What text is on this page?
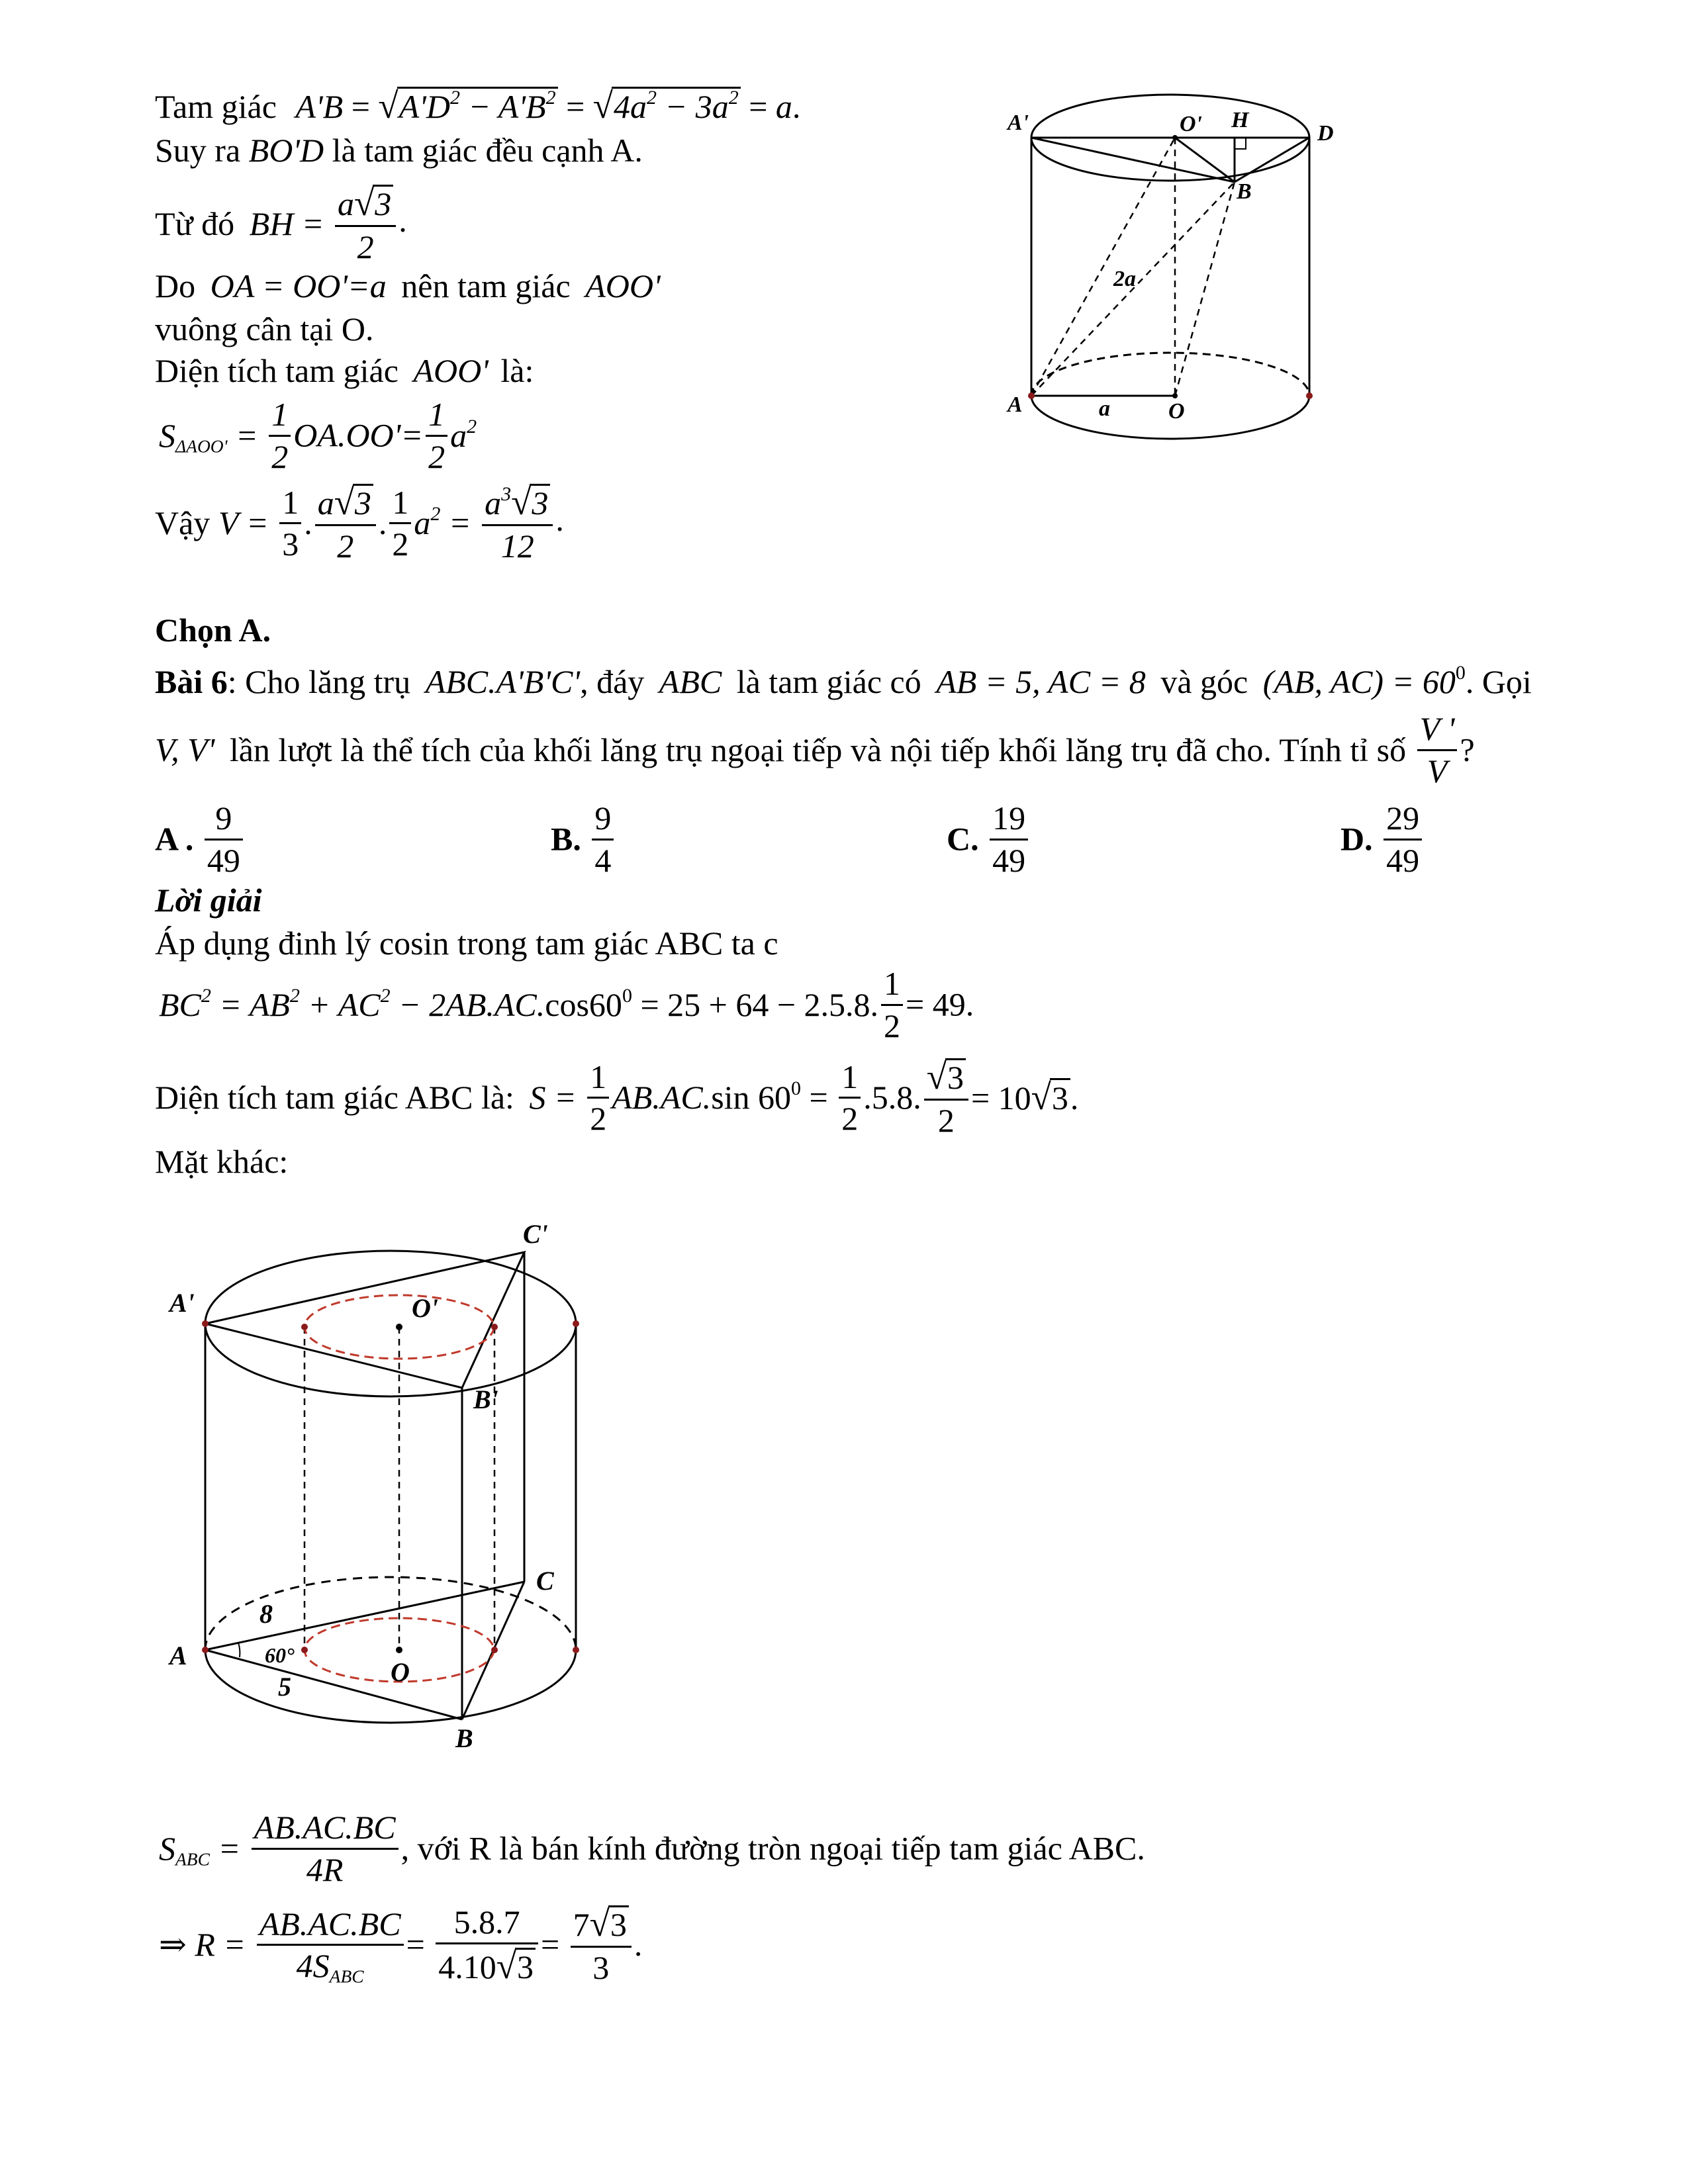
Tam giác $A'B = √A'D^2 - A'B^2 = √4a^2 - 3a^2 = a$.
Suy ra BO'D là tam giác đều cạnh A.
Từ đó BH = $\frac{a√3}{2}$ .
Do OA = OO'=a nên tam giác AOO'
vuông cân tại O.
Diện tích tam giác AOO' là:
$S_{\Delta AOO'} = \frac{1}{2} OA.OO'= \frac{1}{2} a^2$
Vậy $V = \frac{1}{3}$ . $\frac{a√3}{2}$ . $\frac{1}{2} a^2 = \frac{a^3√3}{12}$ .
A'	O' H
D
B
2a
A	a	O
Chọn A.
Bài 6: Cho lăng trụ ABC.A'B'C', đáy ABC là tam giác có AB = 5, AC = 8 và góc (AB, $AC) = 60^0$. Gọi
V, V' lần lượt là thể tích của khối lăng trụ ngoại tiếp và nội tiếp khối lăng trụ đã cho. Tính tỉ số $\frac{V '}{V}$ ?
A . $\frac{9}{49}$	B. $\frac{9}{4}$	C. $\frac{19}{49}$	D. $\frac{29}{49}$
Lời giải
Áp dụng đinh lý cosin trong tam giác ABC ta c
$BC^2 = AB^2 + AC^2 - 2AB.AC.\cos 60^0 = 25 + 64 - 2.5.8$. $\frac{1}{2} = 49$.
Diện tích tam giác ABC là: $S = \frac{1}{2} AB.AC.\sin$ $60^0 = \frac{1}{2} .5.8$. $\frac{√3}{2} = 10√3$.
Mặt khác:
C'
A'	O'
B'
C
8
A	60°
O
5
B
$S_{ABC} = \frac{AB.AC.BC}{4R}$ , với R là bán kính đường tròn ngoại tiếp tam giác ABC.
⇒ $R = \frac{AB.AC.BC}{4S_{ABC}} = \frac{5.8.7}{4.10√3} = \frac{7√3}{3}$ .
